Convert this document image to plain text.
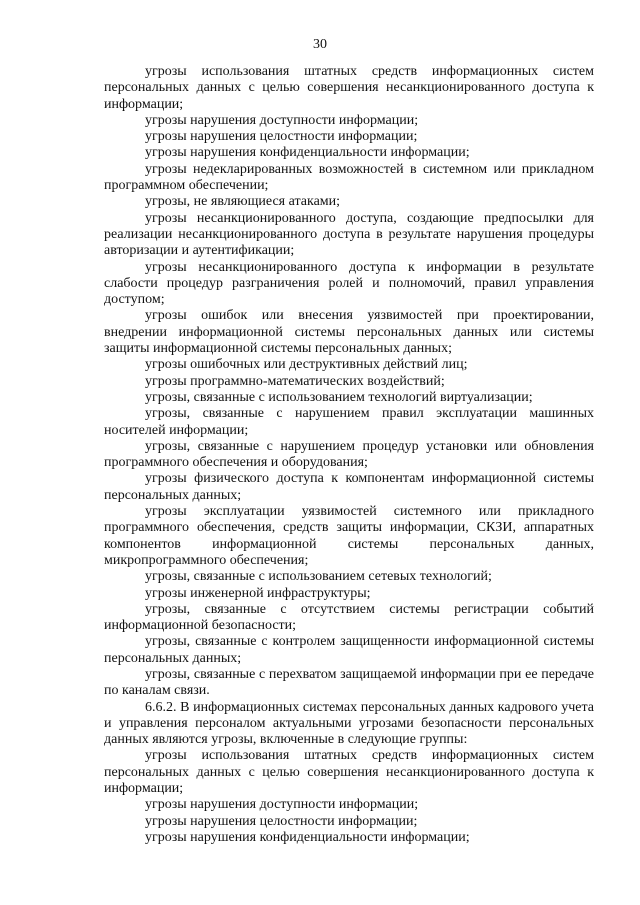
30

угрозы использования штатных средств информационных систем персональных данных с целью совершения несанкционированного доступа к информации;

угрозы нарушения доступности информации;

угрозы нарушения целостности информации;

угрозы нарушения конфиденциальности информации;

угрозы недекларированных возможностей в системном или прикладном программном обеспечении;

угрозы, не являющиеся атаками;

угрозы несанкционированного доступа, создающие предпосылки для реализации несанкционированного доступа в результате нарушения процедуры авторизации и аутентификации;

угрозы несанкционированного доступа к информации в результате слабости процедур разграничения ролей и полномочий, правил управления доступом;

угрозы ошибок или внесения уязвимостей при проектировании, внедрении информационной системы персональных данных или системы защиты информационной системы персональных данных;

угрозы ошибочных или деструктивных действий лиц;

угрозы программно-математических воздействий;

угрозы, связанные с использованием технологий виртуализации;

угрозы, связанные с нарушением правил эксплуатации машинных носителей информации;

угрозы, связанные с нарушением процедур установки или обновления программного обеспечения и оборудования;

угрозы физического доступа к компонентам информационной системы персональных данных;

угрозы эксплуатации уязвимостей системного или прикладного программного обеспечения, средств защиты информации, СКЗИ, аппаратных компонентов информационной системы персональных данных, микропрограммного обеспечения;

угрозы, связанные с использованием сетевых технологий;

угрозы инженерной инфраструктуры;

угрозы, связанные с отсутствием системы регистрации событий информационной безопасности;

угрозы, связанные с контролем защищенности информационной системы персональных данных;

угрозы, связанные с перехватом защищаемой информации при ее передаче по каналам связи.

6.6.2. В информационных системах персональных данных кадрового учета и управления персоналом актуальными угрозами безопасности персональных данных являются угрозы, включенные в следующие группы:

угрозы использования штатных средств информационных систем персональных данных с целью совершения несанкционированного доступа к информации;

угрозы нарушения доступности информации;

угрозы нарушения целостности информации;

угрозы нарушения конфиденциальности информации;
